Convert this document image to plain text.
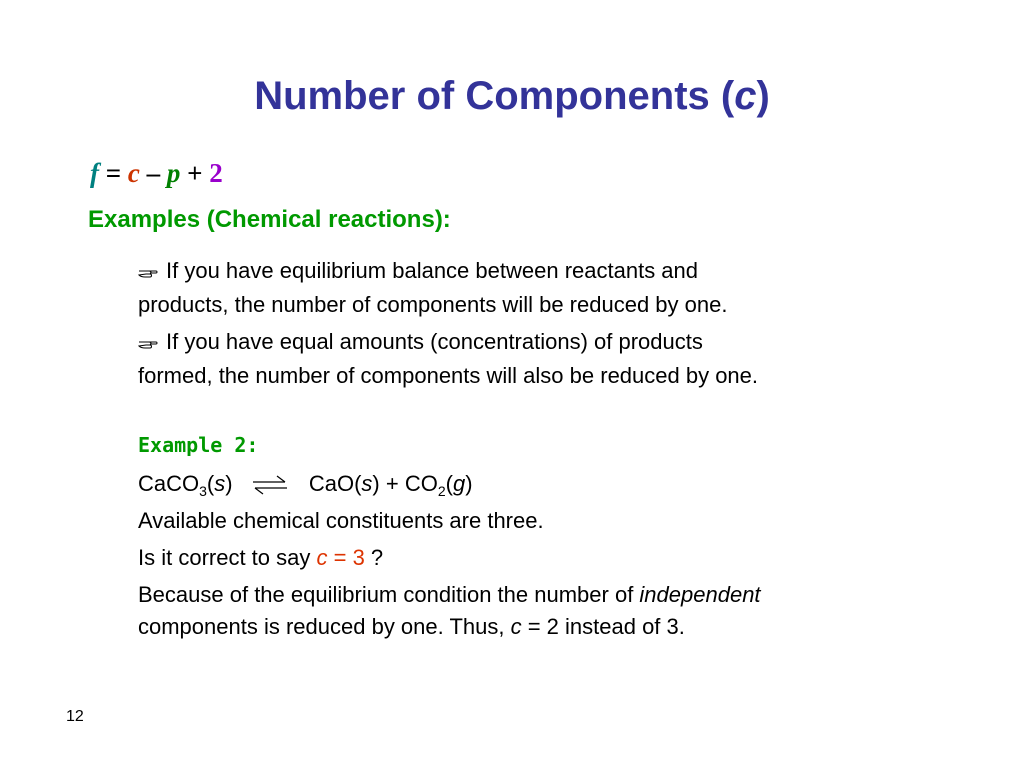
Number of Components (c)
f = c – p + 2
Examples (Chemical reactions):
If you have equilibrium balance between reactants and
products, the number of components will be reduced by one.
If you have equal amounts (concentrations) of products
formed, the number of components will also be reduced by one.
Example 2:
CaCO$_3$(s) ⇌ $CaO(s) + CO_2(g)$
Available chemical constituents are three.
Is it correct to say c = 3 ?
Because of the equilibrium condition the number of independent
components is reduced by one. Thus, c = 2 instead of 3.
12
